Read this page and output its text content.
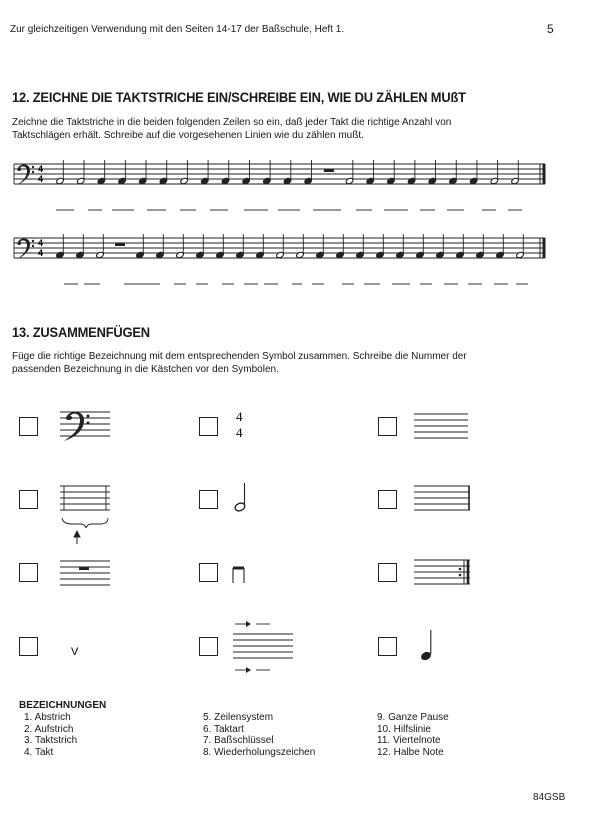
Zur gleichzeitigen Verwendung mit den Seiten 14-17 der Baßschule, Heft 1.	5
12. ZEICHNE DIE TAKTSTRICHE EIN/SCHREIBE EIN, WIE DU ZÄHLEN MUßT
Zeichne die Taktstriche in die beiden folgenden Zeilen so ein, daß jeder Takt die richtige Anzahl von
Taktschlägen erhält. Schreibe auf die vorgesehenen Linien wie du zählen mußt.
4
4
4
4
13. ZUSAMMENFÜGEN
Füge die richtige Bezeichnung mit dem entsprechenden Symbol zusammen. Schreibe die Nummer der
passenden Bezeichnung in die Kästchen vor den Symbolen.
4
4
V
BEZEICHNUNGEN
1. Abstrich
2. Aufstrich
3. Taktstrich
4. Takt
5. Zeilensystem
6. Taktart
7. Baßschlüssel
8. Wiederholungszeichen
9. Ganze Pause
10. Hilfslinie
11. Viertelnote
12. Halbe Note
84GSB
